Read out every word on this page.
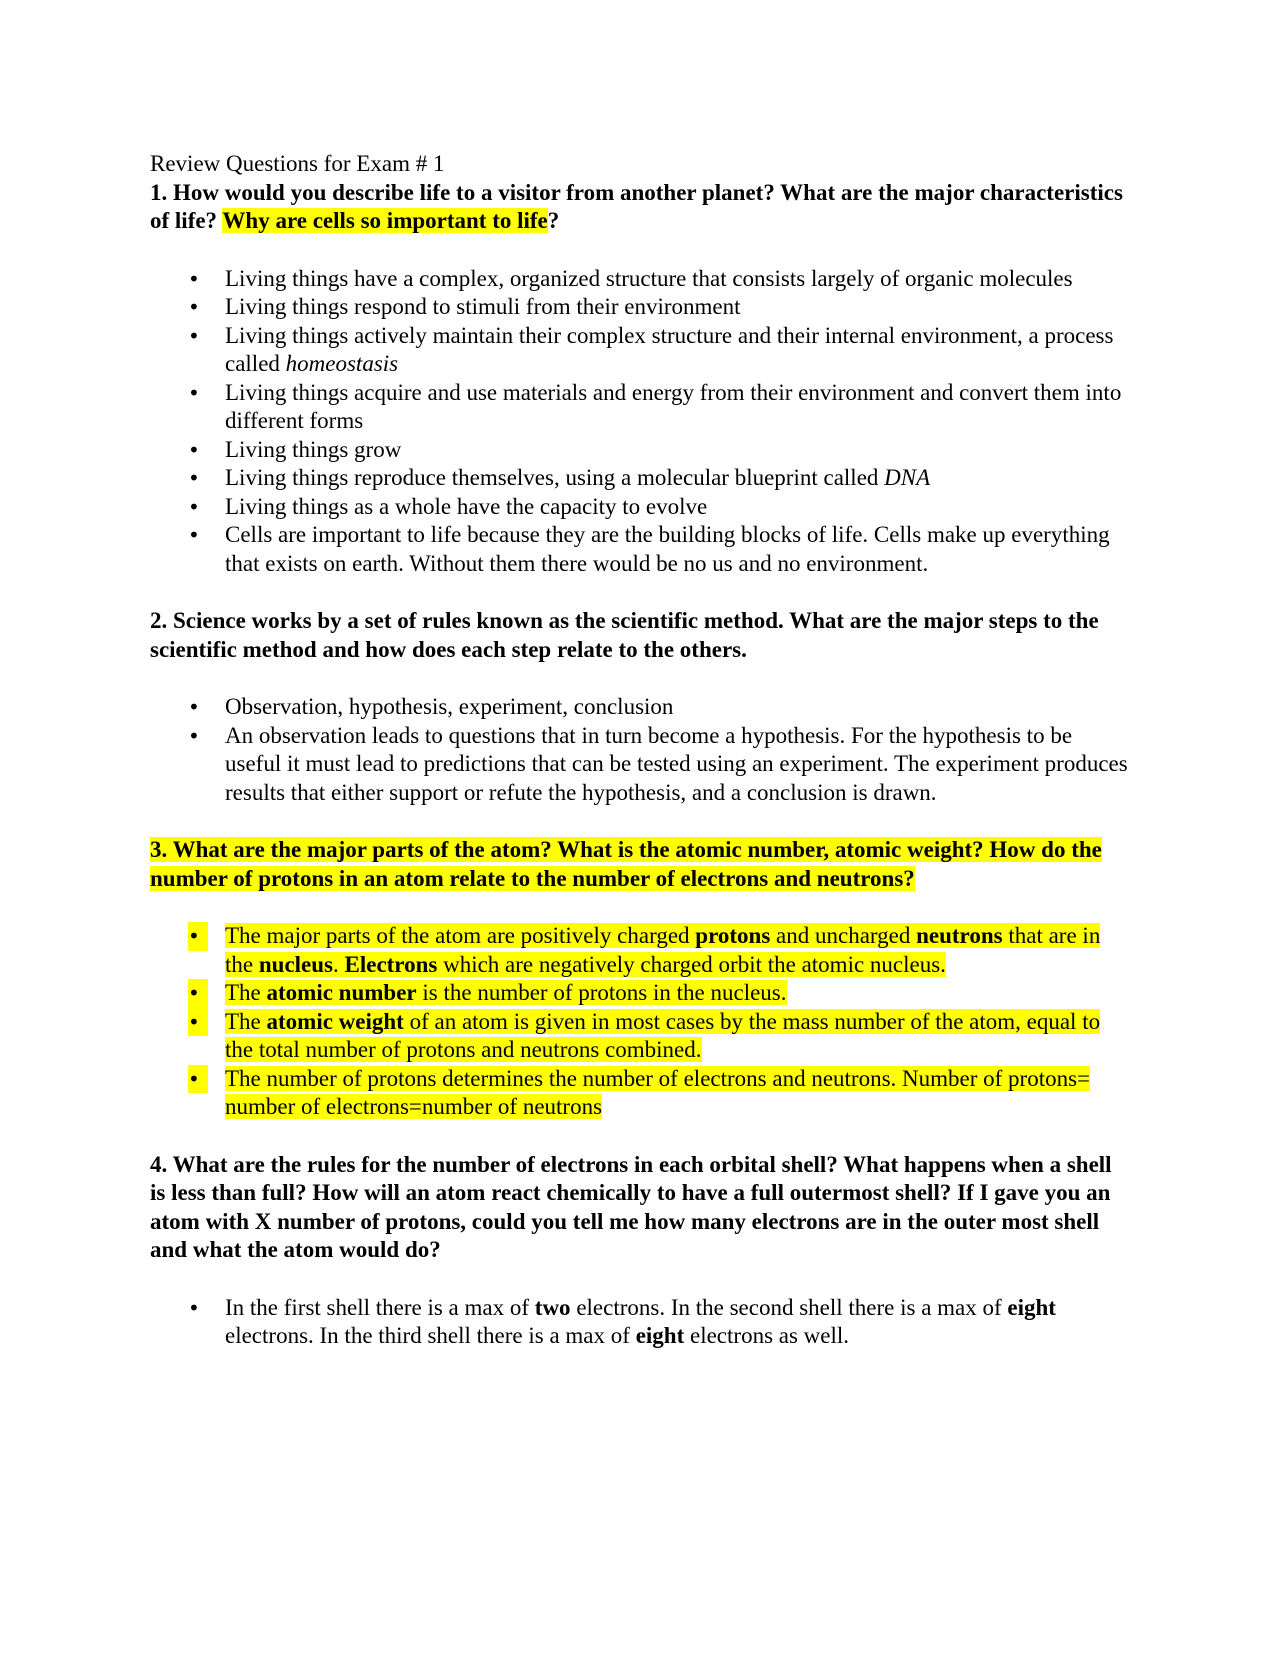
Review Questions for Exam # 1

1. How would you describe life to a visitor from another planet? What are the major characteristics of life? Why are cells so important to life?

•	Living things have a complex, organized structure that consists largely of organic molecules
•	Living things respond to stimuli from their environment
•	Living things actively maintain their complex structure and their internal environment, a process called homeostasis
•	Living things acquire and use materials and energy from their environment and convert them into different forms
•	Living things grow
•	Living things reproduce themselves, using a molecular blueprint called DNA
•	Living things as a whole have the capacity to evolve
•	Cells are important to life because they are the building blocks of life. Cells make up everything that exists on earth. Without them there would be no us and no environment.

2. Science works by a set of rules known as the scientific method. What are the major steps to the scientific method and how does each step relate to the others.

•	Observation, hypothesis, experiment, conclusion
•	An observation leads to questions that in turn become a hypothesis. For the hypothesis to be useful it must lead to predictions that can be tested using an experiment. The experiment produces results that either support or refute the hypothesis, and a conclusion is drawn.

3. What are the major parts of the atom? What is the atomic number, atomic weight? How do the number of protons in an atom relate to the number of electrons and neutrons?

•	The major parts of the atom are positively charged protons and uncharged neutrons that are in the nucleus. Electrons which are negatively charged orbit the atomic nucleus.
•	The atomic number is the number of protons in the nucleus.
•	The atomic weight of an atom is given in most cases by the mass number of the atom, equal to the total number of protons and neutrons combined.
•	The number of protons determines the number of electrons and neutrons. Number of protons= number of electrons=number of neutrons

4. What are the rules for the number of electrons in each orbital shell? What happens when a shell is less than full? How will an atom react chemically to have a full outermost shell? If I gave you an atom with X number of protons, could you tell me how many electrons are in the outer most shell and what the atom would do?

•	In the first shell there is a max of two electrons. In the second shell there is a max of eight electrons. In the third shell there is a max of eight electrons as well.
